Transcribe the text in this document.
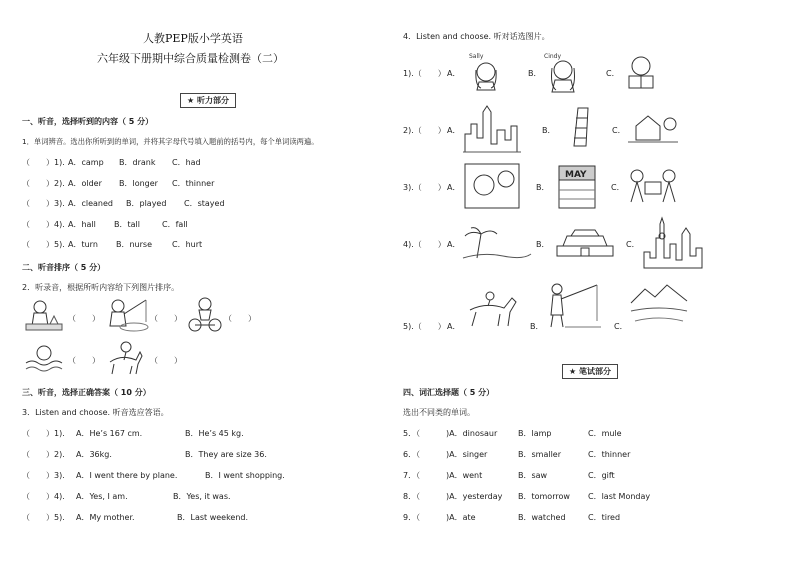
人教PEP版小学英语
六年级下册期中综合质量检测卷（二）
★ 听力部分
一、听音，选择听到的内容（ 5 分）
1．单词辨音。选出你所听到的单词，并将其字母代号填入题前的括号内，每个单词读两遍。
（　　）1). A．camp B．drank C．had
（　　）2). A．older B．longer C．thinner
（　　）3). A．cleaned B．played C．stayed
（　　）4). A．hall B．tall	C．fall
（　　）5). A．turn B．nurse C．hurt
二、听音排序（ 5 分）
2．听录音，根据所听内容给下列图片排序。
（　　）	（　　）	（　　）
（　　）	（　　）
三、听音，选择正确答案（ 10 分）
3．Listen and choose. 听音选应答语。
（　　）1). A．He’s 167 cm.	B．He’s 45 kg.
（　　）2). A．36kg.	B．They are size 36.
（　　）3). A．I went there by plane.	B．I went shopping.
（　　）4). A．Yes, I am.	B．Yes, it was.
（　　）5). A．My mother.	B．Last weekend.
4．Listen and choose. 听对话选图片。
1).（　　） A．
Sally
B．
Cindy
C．
2).（　　） A．	B．	C．
3).（　　） A．	B．
MAY
C．
4).（　　） A．	B．	C．
5).（　　） A．	B．	C．
★ 笔试部分
四、词汇选择题（ 5 分）
选出不同类的单词。
5．（	)A．dinosaur	B．lamp	C．mule
6．（	)A．singer	B．smaller	C．thinner
7．（	)A．went	B．saw	C．gift
8．（	)A．yesterday B．tomorrow C．last Monday
9．（	)A．ate	B．watched	C．tired
